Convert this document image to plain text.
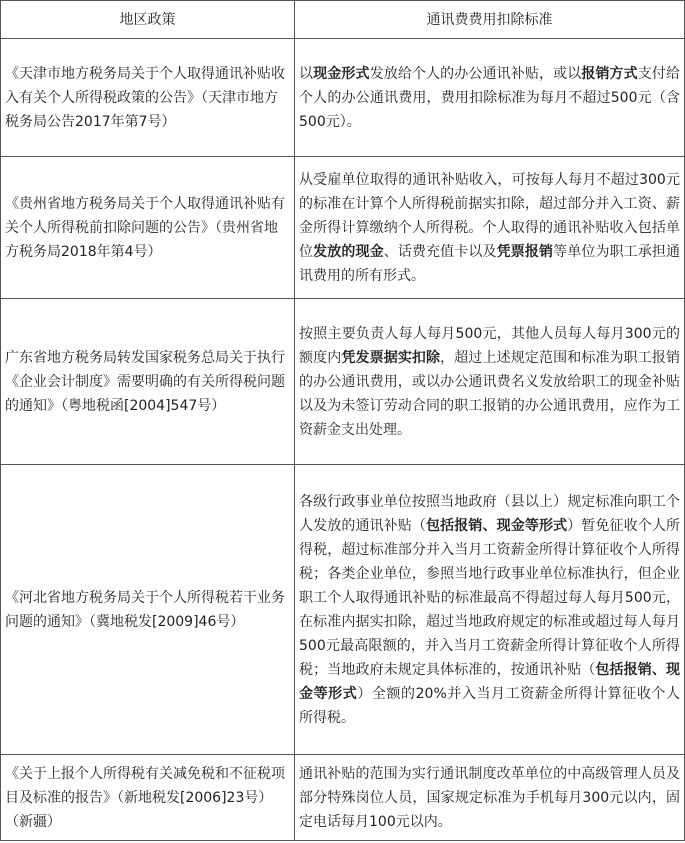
地区政策	通讯费费用扣除标准
《天津市地方税务局关于个人取得通讯补贴收入有关个人所得税政策的公告》（天津市地方税务局公告2017年第7号）	以现金形式发放给个人的办公通讯补贴，或以报销方式支付给个人的办公通讯费用，费用扣除标准为每月不超过500元（含500元）。
《贵州省地方税务局关于个人取得通讯补贴有关个人所得税前扣除问题的公告》（贵州省地方税务局2018年第4号）	从受雇单位取得的通讯补贴收入，可按每人每月不超过300元的标准在计算个人所得税前据实扣除，超过部分并入工资、薪金所得计算缴纳个人所得税。个人取得的通讯补贴收入包括单位发放的现金、话费充值卡以及凭票报销等单位为职工承担通讯费用的所有形式。
广东省地方税务局转发国家税务总局关于执行《企业会计制度》需要明确的有关所得税问题的通知》（粤地税函[2004]547号）	按照主要负责人每人每月500元，其他人员每人每月300元的额度内凭发票据实扣除，超过上述规定范围和标准为职工报销的办公通讯费用，或以办公通讯费名义发放给职工的现金补贴以及为未签订劳动合同的职工报销的办公通讯费用，应作为工资薪金支出处理。
《河北省地方税务局关于个人所得税若干业务问题的通知》（冀地税发[2009]46号）	各级行政事业单位按照当地政府（县以上）规定标准向职工个人发放的通讯补贴（包括报销、现金等形式）暂免征收个人所得税，超过标准部分并入当月工资薪金所得计算征收个人所得税；各类企业单位，参照当地行政事业单位标准执行，但企业职工个人取得通讯补贴的标准最高不得超过每人每月500元，在标准内据实扣除，超过当地政府规定的标准或超过每人每月500元最高限额的，并入当月工资薪金所得计算征收个人所得税；当地政府未规定具体标准的，按通讯补贴（包括报销、现金等形式）全额的20%并入当月工资薪金所得计算征收个人所得税。
《关于上报个人所得税有关减免税和不征税项目及标准的报告》（新地税发[2006]23号）（新疆）	通讯补贴的范围为实行通讯制度改革单位的中高级管理人员及部分特殊岗位人员，国家规定标准为手机每月300元以内，固定电话每月100元以内。
